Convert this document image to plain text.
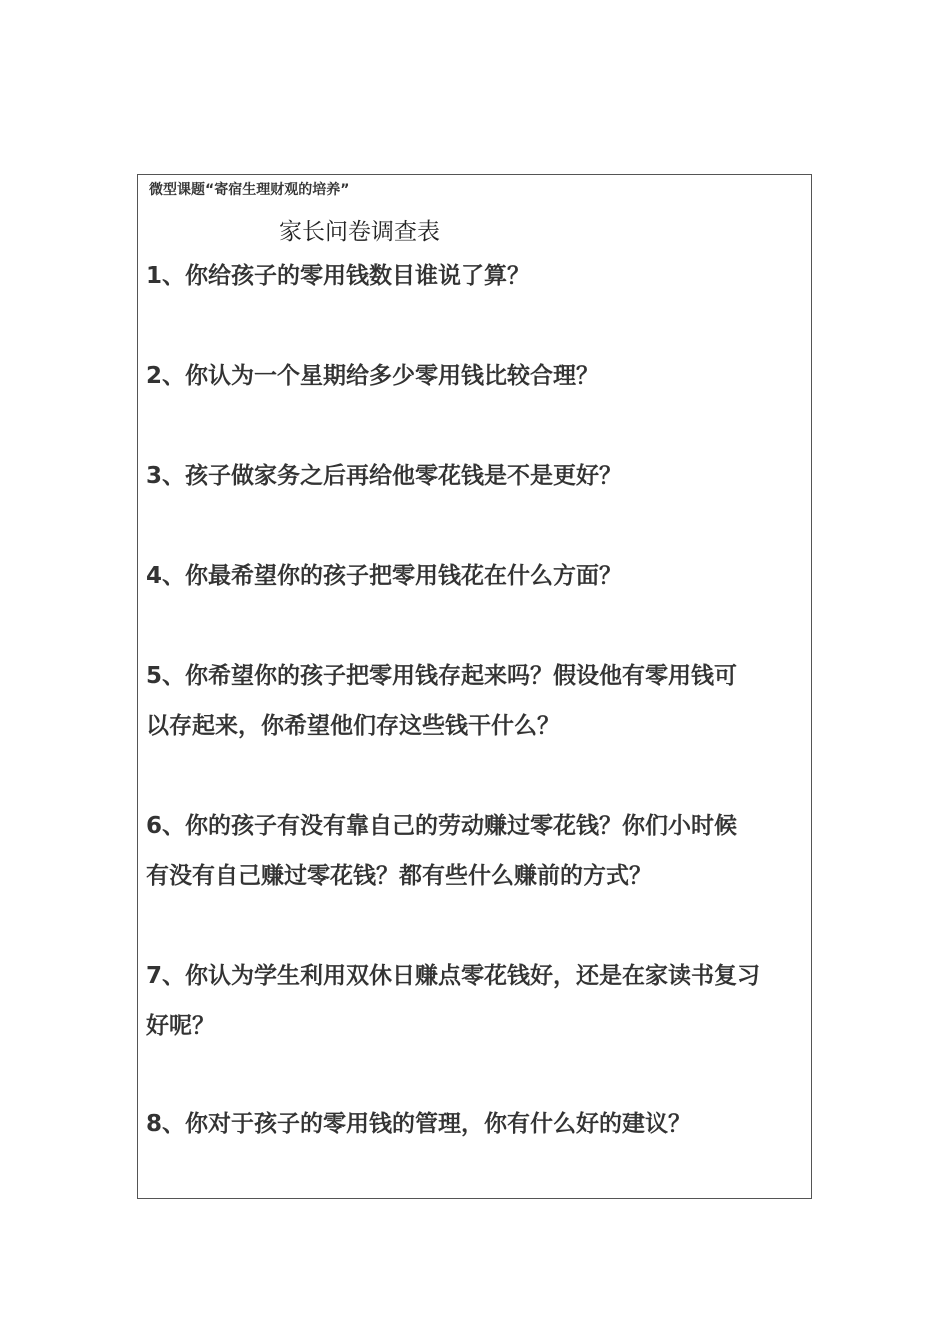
微型课题“寄宿生理财观的培养”
家长问卷调查表

1、你给孩子的零用钱数目谁说了算？

2、你认为一个星期给多少零用钱比较合理？

3、孩子做家务之后再给他零花钱是不是更好？

4、你最希望你的孩子把零用钱花在什么方面？

5、你希望你的孩子把零用钱存起来吗？假设他有零用钱可
以存起来，你希望他们存这些钱干什么？

6、你的孩子有没有靠自己的劳动赚过零花钱？你们小时候
有没有自己赚过零花钱？都有些什么赚前的方式？

7、你认为学生利用双休日赚点零花钱好，还是在家读书复习
好呢？

8、你对于孩子的零用钱的管理，你有什么好的建议？
